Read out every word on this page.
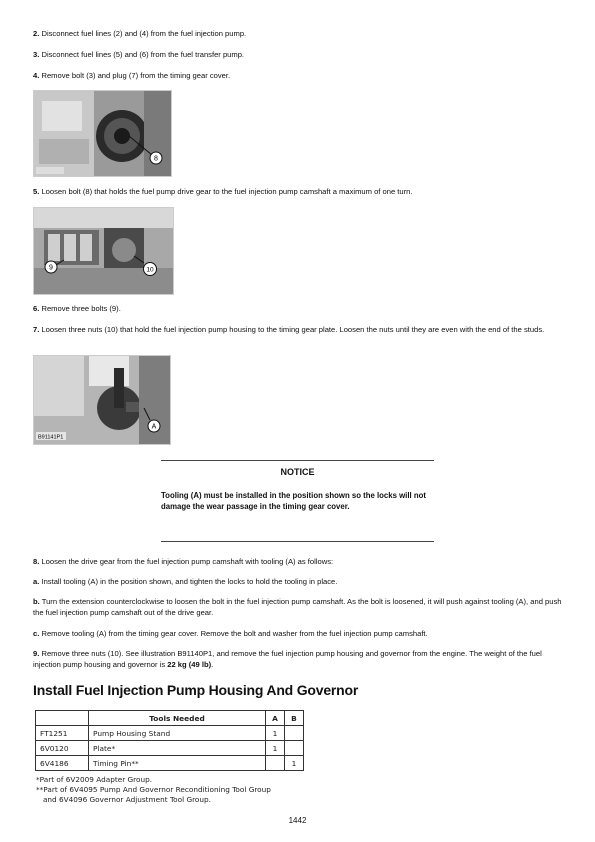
2. Disconnect fuel lines (2) and (4) from the fuel injection pump.
3. Disconnect fuel lines (5) and (6) from the fuel transfer pump.
4. Remove bolt (3) and plug (7) from the timing gear cover.
8
5. Loosen bolt (8) that holds the fuel pump drive gear to the fuel injection pump camshaft a maximum of one turn.
9	10
6. Remove three bolts (9).
7. Loosen three nuts (10) that hold the fuel injection pump housing to the timing gear plate. Loosen the nuts until they are even with the end of the studs.
A
B91141P1
NOTICE
Tooling (A) must be installed in the position shown so the locks will not damage the wear passage in the timing gear cover.
8. Loosen the drive gear from the fuel injection pump camshaft with tooling (A) as follows:
a. Install tooling (A) in the position shown, and tighten the locks to hold the tooling in place.
b. Turn the extension counterclockwise to loosen the bolt in the fuel injection pump camshaft. As the bolt is loosened, it will push against tooling (A), and push the fuel injection pump camshaft out of the drive gear.
c. Remove tooling (A) from the timing gear cover. Remove the bolt and washer from the fuel injection pump camshaft.
9. Remove three nuts (10). See illustration B91140P1, and remove the fuel injection pump housing and governor from the engine. The weight of the fuel injection pump housing and governor is 22 kg (49 lb).
Install Fuel Injection Pump Housing And Governor
	Tools Needed	A	B
FT1251	Pump Housing Stand	1	
6V0120	Plate*	1	
6V4186	Timing Pin**		1
*Part of 6V2009 Adapter Group.
**Part of 6V4095 Pump And Governor Reconditioning Tool Group
and 6V4096 Governor Adjustment Tool Group.
1442
